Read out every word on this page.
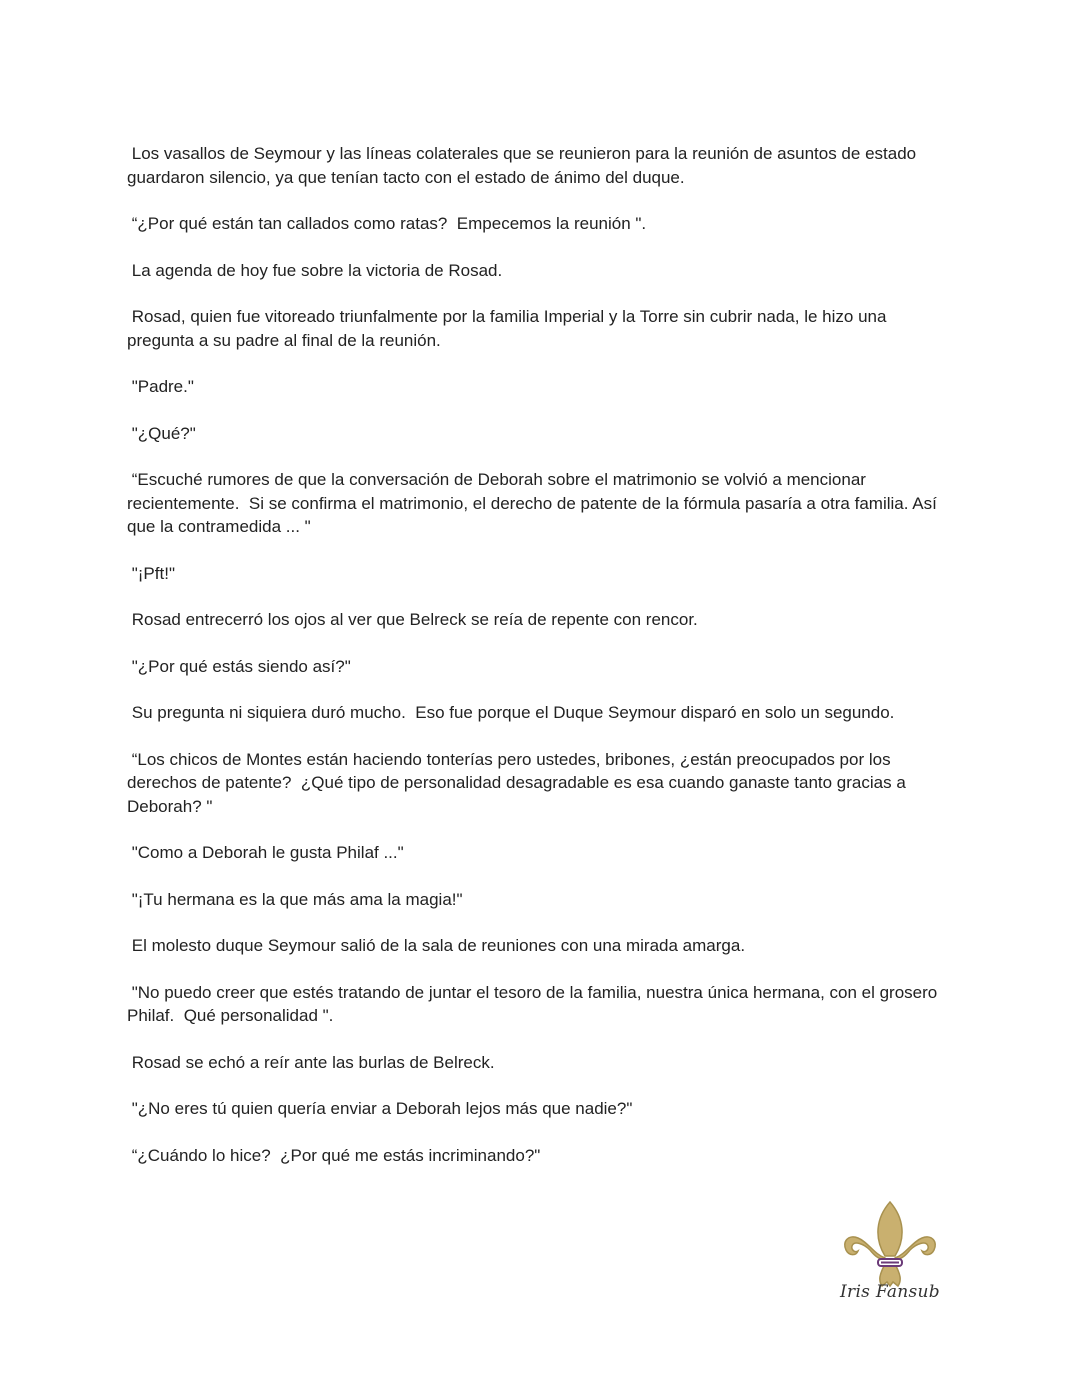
Los vasallos de Seymour y las líneas colaterales que se reunieron para la reunión de asuntos de estado guardaron silencio, ya que tenían tacto con el estado de ánimo del duque.

“¿Por qué están tan callados como ratas?  Empecemos la reunión ".

La agenda de hoy fue sobre la victoria de Rosad.

Rosad, quien fue vitoreado triunfalmente por la familia Imperial y la Torre sin cubrir nada, le hizo una pregunta a su padre al final de la reunión.

"Padre."

"¿Qué?"

“Escuché rumores de que la conversación de Deborah sobre el matrimonio se volvió a mencionar recientemente.  Si se confirma el matrimonio, el derecho de patente de la fórmula pasaría a otra familia. Así que la contramedida ... "

"¡Pft!"

Rosad entrecerró los ojos al ver que Belreck se reía de repente con rencor.

"¿Por qué estás siendo así?"

Su pregunta ni siquiera duró mucho.  Eso fue porque el Duque Seymour disparó en solo un segundo.

“Los chicos de Montes están haciendo tonterías pero ustedes, bribones, ¿están preocupados por los derechos de patente?  ¿Qué tipo de personalidad desagradable es esa cuando ganaste tanto gracias a Deborah? "

"Como a Deborah le gusta Philaf ..."

"¡Tu hermana es la que más ama la magia!"

El molesto duque Seymour salió de la sala de reuniones con una mirada amarga.

"No puedo creer que estés tratando de juntar el tesoro de la familia, nuestra única hermana, con el grosero Philaf.  Qué personalidad ".

Rosad se echó a reír ante las burlas de Belreck.

"¿No eres tú quien quería enviar a Deborah lejos más que nadie?"

“¿Cuándo lo hice?  ¿Por qué me estás incriminando?"

Iris Fansub
